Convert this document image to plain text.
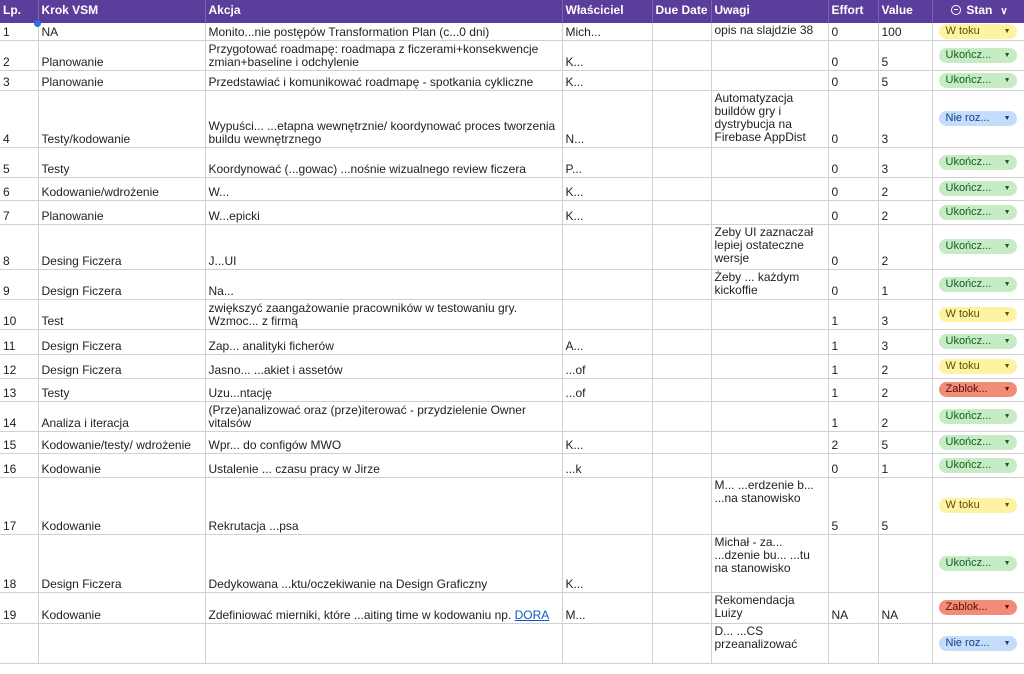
Lp.	Krok VSM	Akcja	Właściciel	Due Date	Uwagi	Effort	Value	Stan ∨
1	NA	Monito...nie postępów Transformation Plan (c...0 dni)	Mich...		opis na slajdzie 38	0	100	W toku ▼

2	Planowanie	Przygotować roadmapę: roadmapa z ficzerami+konsekwencje zmian+baseline i odchylenie	K...			0	5	Ukończ... ▼

3	Planowanie	Przedstawiać i komunikować roadmapę - spotkania cykliczne	K...			0	5	Ukończ... ▼

4	Testy/kodowanie	Wypuści... ...etapna wewnętrznie/ koordynować proces tworzenia buildu wewnętrznego	N...		Automatyzacja buildów gry i dystrybucja na Firebase AppDist	0	3	Nie roz... ▼

5	Testy	Koordynować (...gowac) ...nośnie wizualnego review ficzera	P...			0	3	Ukończ... ▼

6	Kodowanie/wdrożenie	W...	K...			0	2	Ukończ... ▼

7	Planowanie	W...epicki	K...			0	2	Ukończ... ▼

8	Desing Ficzera	J...UI			Zeby UI zaznaczał lepiej ostateczne wersje	0	2	Ukończ... ▼

9	Design Ficzera	Na...			Żeby ... każdym kickoffie	0	1	Ukończ... ▼

10	Test	zwiększyć zaangażowanie pracowników w testowaniu gry. Wzmoc... z firmą				1	3	W toku ▼

11	Design Ficzera	Zap... analityki ficherów	A...			1	3	Ukończ... ▼

12	Design Ficzera	Jasno... ...akiet i assetów	...of			1	2	W toku ▼

13	Testy	Uzu...ntację	...of			1	2	Zablok... ▼

14	Analiza i iteracja	(Prze)analizować oraz (prze)iterować - przydzielenie Owner vitalsów				1	2	Ukończ... ▼

15	Kodowanie/testy/ wdrożenie	Wpr... do configów MWO	K...			2	5	Ukończ... ▼

16	Kodowanie	Ustalenie ... czasu pracy w Jirze	...k			0	1	Ukończ... ▼

17	Kodowanie	Rekrutacja ...psa			M... ...erdzenie b... ...na stanowisko	5	5	W toku ▼

18	Design Ficzera	Dedykowana ...ktu/oczekiwanie na Design Graficzny	K...		Michał - za... ...dzenie bu... ...tu na stanowisko			Ukończ... ▼

19	Kodowanie	Zdefiniować mierniki, które ...aiting time w kodowaniu np. DORA	M...		Rekomendacja Luizy	NA	NA	Zablok... ▼

					D... ...CS przeanalizować			Nie roz... ▼
